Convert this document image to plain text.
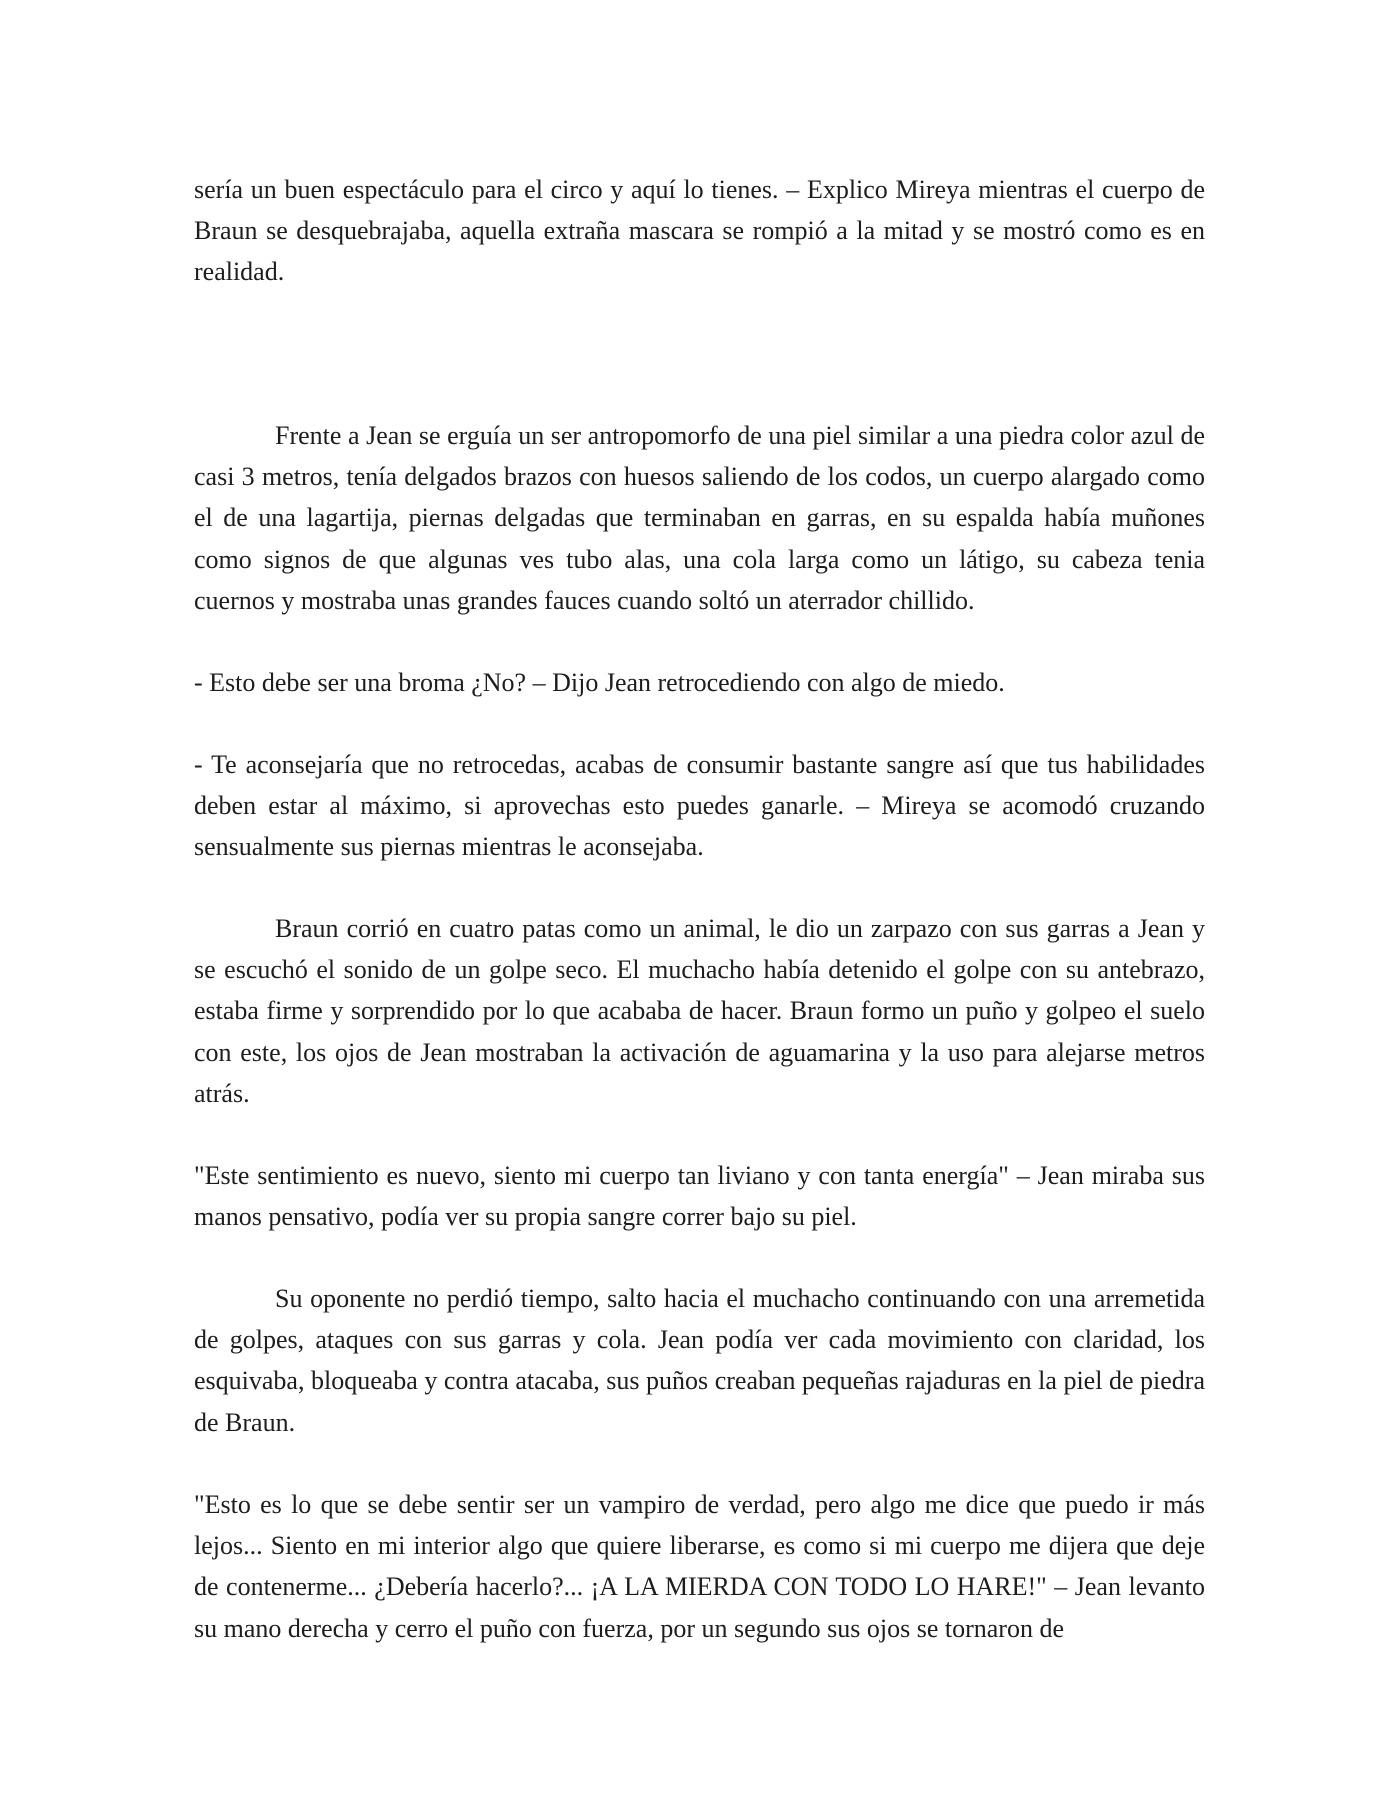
sería un buen espectáculo para el circo y aquí lo tienes. – Explico Mireya mientras el cuerpo de Braun se desquebrajaba, aquella extraña mascara se rompió a la mitad y se mostró como es en realidad.

Frente a Jean se erguía un ser antropomorfo de una piel similar a una piedra color azul de casi 3 metros, tenía delgados brazos con huesos saliendo de los codos, un cuerpo alargado como el de una lagartija, piernas delgadas que terminaban en garras, en su espalda había muñones como signos de que algunas ves tubo alas, una cola larga como un látigo, su cabeza tenia cuernos y mostraba unas grandes fauces cuando soltó un aterrador chillido.

- Esto debe ser una broma ¿No? – Dijo Jean retrocediendo con algo de miedo.

- Te aconsejaría que no retrocedas, acabas de consumir bastante sangre así que tus habilidades deben estar al máximo, si aprovechas esto puedes ganarle. – Mireya se acomodó cruzando sensualmente sus piernas mientras le aconsejaba.

Braun corrió en cuatro patas como un animal, le dio un zarpazo con sus garras a Jean y se escuchó el sonido de un golpe seco. El muchacho había detenido el golpe con su antebrazo, estaba firme y sorprendido por lo que acababa de hacer. Braun formo un puño y golpeo el suelo con este, los ojos de Jean mostraban la activación de aguamarina y la uso para alejarse metros atrás.

"Este sentimiento es nuevo, siento mi cuerpo tan liviano y con tanta energía" – Jean miraba sus manos pensativo, podía ver su propia sangre correr bajo su piel.

Su oponente no perdió tiempo, salto hacia el muchacho continuando con una arremetida de golpes, ataques con sus garras y cola. Jean podía ver cada movimiento con claridad, los esquivaba, bloqueaba y contra atacaba, sus puños creaban pequeñas rajaduras en la piel de piedra de Braun.

"Esto es lo que se debe sentir ser un vampiro de verdad, pero algo me dice que puedo ir más lejos... Siento en mi interior algo que quiere liberarse, es como si mi cuerpo me dijera que deje de contenerme... ¿Debería hacerlo?... ¡A LA MIERDA CON TODO LO HARE!" – Jean levanto su mano derecha y cerro el puño con fuerza, por un segundo sus ojos se tornaron de
